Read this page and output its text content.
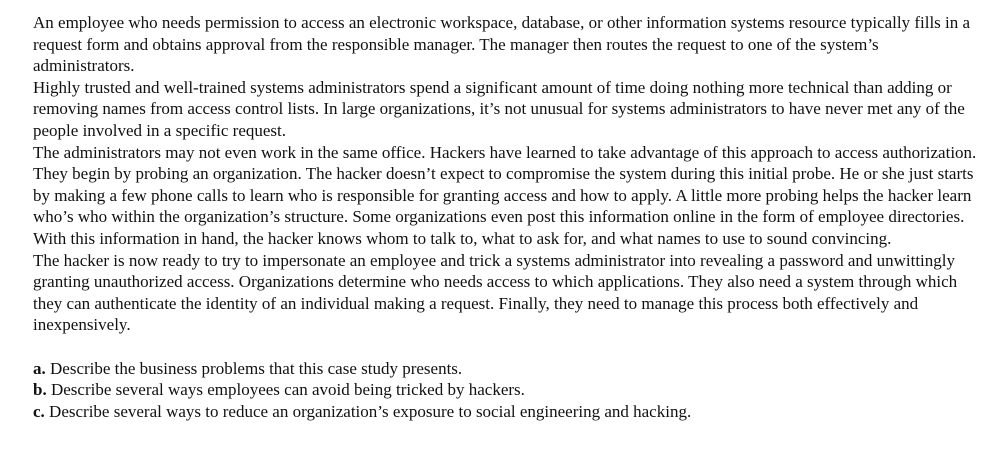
An employee who needs permission to access an electronic workspace, database, or other information systems resource typically fills in a request form and obtains approval from the responsible manager. The manager then routes the request to one of the system’s administrators.

Highly trusted and well-trained systems administrators spend a significant amount of time doing nothing more technical than adding or removing names from access control lists. In large organizations, it’s not unusual for systems administrators to have never met any of the people involved in a specific request.

The administrators may not even work in the same office. Hackers have learned to take advantage of this approach to access authorization. They begin by probing an organization. The hacker doesn’t expect to compromise the system during this initial probe. He or she just starts by making a few phone calls to learn who is responsible for granting access and how to apply. A little more probing helps the hacker learn who’s who within the organization’s structure. Some organizations even post this information online in the form of employee directories. With this information in hand, the hacker knows whom to talk to, what to ask for, and what names to use to sound convincing.

The hacker is now ready to try to impersonate an employee and trick a systems administrator into revealing a password and unwittingly granting unauthorized access. Organizations determine who needs access to which applications. They also need a system through which they can authenticate the identity of an individual making a request. Finally, they need to manage this process both effectively and inexpensively.

a. Describe the business problems that this case study presents.

b. Describe several ways employees can avoid being tricked by hackers.

c. Describe several ways to reduce an organization’s exposure to social engineering and hacking.
